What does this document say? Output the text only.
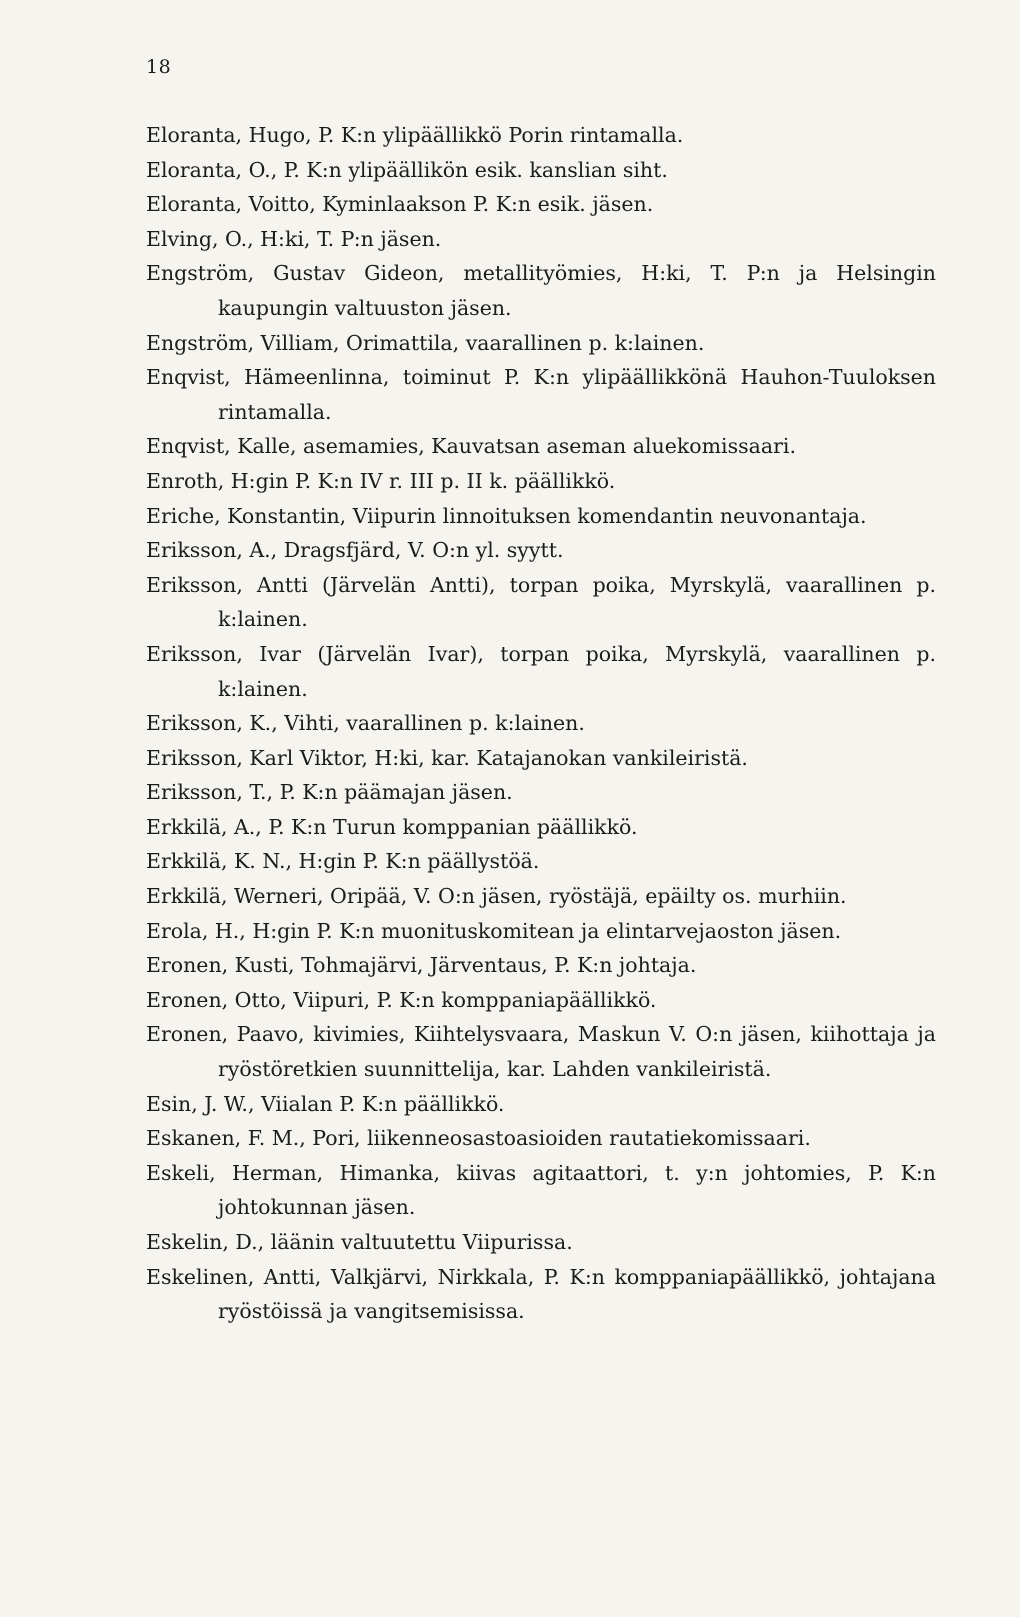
18

Eloranta, Hugo, P. K:n ylipäällikkö Porin rintamalla.

Eloranta, O., P. K:n ylipäällikön esik. kanslian siht.

Eloranta, Voitto, Kyminlaakson P. K:n esik. jäsen.

Elving, O., H:ki, T. P:n jäsen.

Engström, Gustav Gideon, metallityömies, H:ki, T. P:n ja Helsingin kaupungin valtuuston jäsen.

Engström, Villiam, Orimattila, vaarallinen p. k:lainen.

Enqvist, Hämeenlinna, toiminut P. K:n ylipäällikkönä Hauhon-Tuuloksen rintamalla.

Enqvist, Kalle, asemamies, Kauvatsan aseman aluekomissaari.

Enroth, H:gin P. K:n IV r. III p. II k. päällikkö.

Eriche, Konstantin, Viipurin linnoituksen komendantin neuvonantaja.

Eriksson, A., Dragsfjärd, V. O:n yl. syytt.

Eriksson, Antti (Järvelän Antti), torpan poika, Myrskylä, vaarallinen p. k:lainen.

Eriksson, Ivar (Järvelän Ivar), torpan poika, Myrskylä, vaarallinen p. k:lainen.

Eriksson, K., Vihti, vaarallinen p. k:lainen.

Eriksson, Karl Viktor, H:ki, kar. Katajanokan vankileiristä.

Eriksson, T., P. K:n päämajan jäsen.

Erkkilä, A., P. K:n Turun komppanian päällikkö.

Erkkilä, K. N., H:gin P. K:n päällystöä.

Erkkilä, Werneri, Oripää, V. O:n jäsen, ryöstäjä, epäilty os. murhiin.

Erola, H., H:gin P. K:n muonituskomitean ja elintarvejaoston jäsen.

Eronen, Kusti, Tohmajärvi, Järventaus, P. K:n johtaja.

Eronen, Otto, Viipuri, P. K:n komppaniapäällikkö.

Eronen, Paavo, kivimies, Kiihtelysvaara, Maskun V. O:n jäsen, kiihottaja ja ryöstöretkien suunnittelija, kar. Lahden vankileiristä.

Esin, J. W., Viialan P. K:n päällikkö.

Eskanen, F. M., Pori, liikenneosastoasioiden rautatiekomissaari.

Eskeli, Herman, Himanka, kiivas agitaattori, t. y:n johtomies, P. K:n johtokunnan jäsen.

Eskelin, D., läänin valtuutettu Viipurissa.

Eskelinen, Antti, Valkjärvi, Nirkkala, P. K:n komppaniapäällikkö, johtajana ryöstöissä ja vangitsemisissa.
